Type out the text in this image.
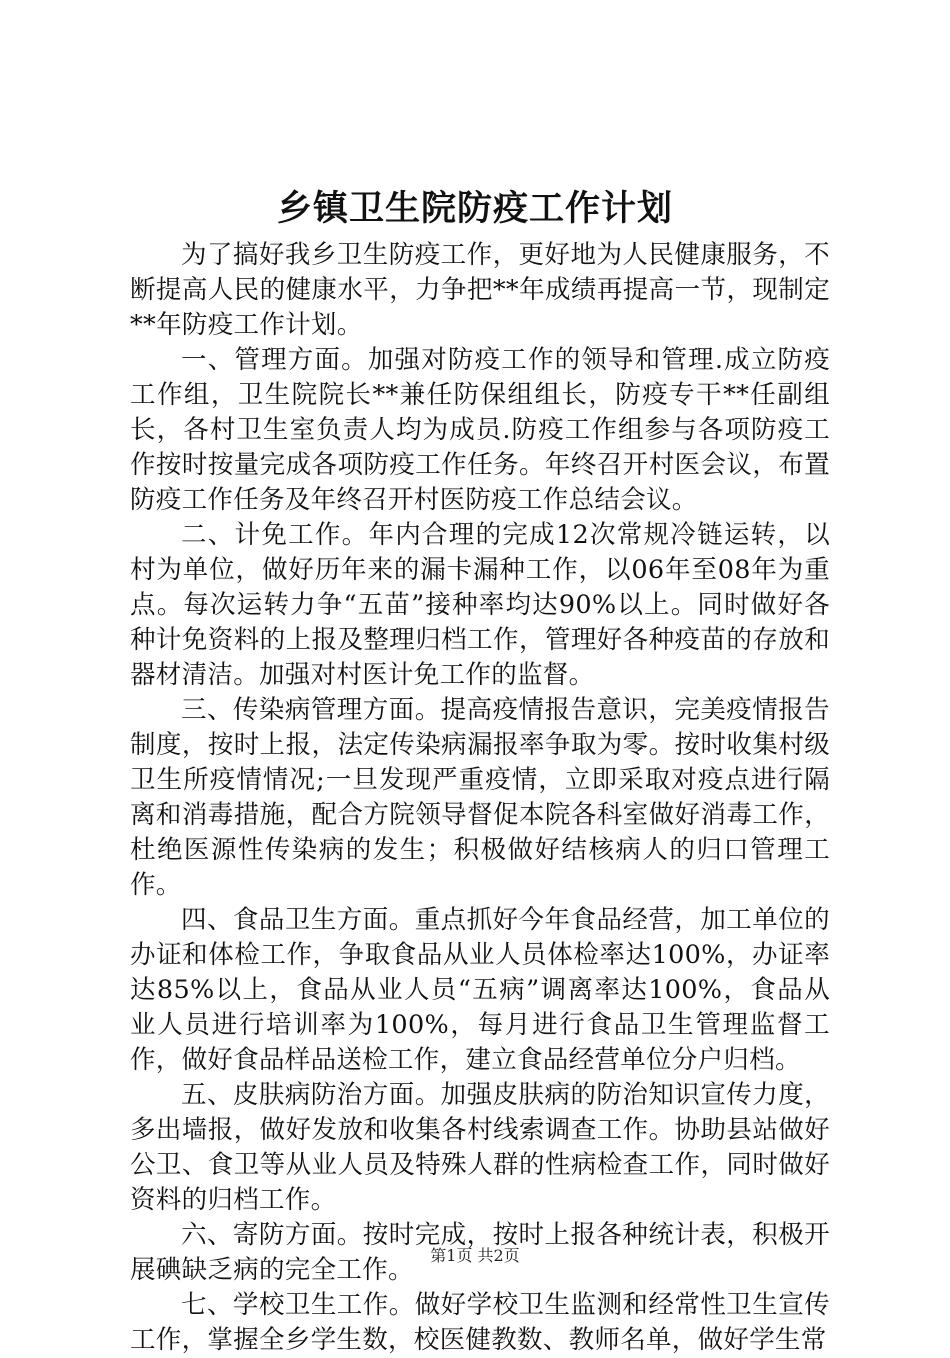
乡镇卫生院防疫工作计划

为了搞好我乡卫生防疫工作，更好地为人民健康服务，不断提高人民的健康水平，力争把**年成绩再提高一节，现制定**年防疫工作计划。

一、管理方面。加强对防疫工作的领导和管理.成立防疫工作组，卫生院院长**兼任防保组组长，防疫专干**任副组长，各村卫生室负责人均为成员.防疫工作组参与各项防疫工作按时按量完成各项防疫工作任务。年终召开村医会议，布置防疫工作任务及年终召开村医防疫工作总结会议。

二、计免工作。年内合理的完成12次常规冷链运转，以村为单位，做好历年来的漏卡漏种工作，以06年至08年为重点。每次运转力争“五苗”接种率均达90%以上。同时做好各种计免资料的上报及整理归档工作，管理好各种疫苗的存放和器材清洁。加强对村医计免工作的监督。

三、传染病管理方面。提高疫情报告意识，完美疫情报告制度，按时上报，法定传染病漏报率争取为零。按时收集村级卫生所疫情情况;一旦发现严重疫情，立即采取对疫点进行隔离和消毒措施，配合方院领导督促本院各科室做好消毒工作，杜绝医源性传染病的发生；积极做好结核病人的归口管理工作。

四、食品卫生方面。重点抓好今年食品经营，加工单位的办证和体检工作，争取食品从业人员体检率达100%，办证率达85%以上，食品从业人员“五病”调离率达100%，食品从业人员进行培训率为100%，每月进行食品卫生管理监督工作，做好食品样品送检工作，建立食品经营单位分户归档。

五、皮肤病防治方面。加强皮肤病的防治知识宣传力度，多出墙报，做好发放和收集各村线索调查工作。协助县站做好公卫、食卫等从业人员及特殊人群的性病检查工作，同时做好资料的归档工作。

六、寄防方面。按时完成，按时上报各种统计表，积极开展碘缺乏病的完全工作。

七、学校卫生工作。做好学校卫生监测和经常性卫生宣传工作，掌握全乡学生数，校医健教数、教师名单，做好学生常

第1页 共2页
